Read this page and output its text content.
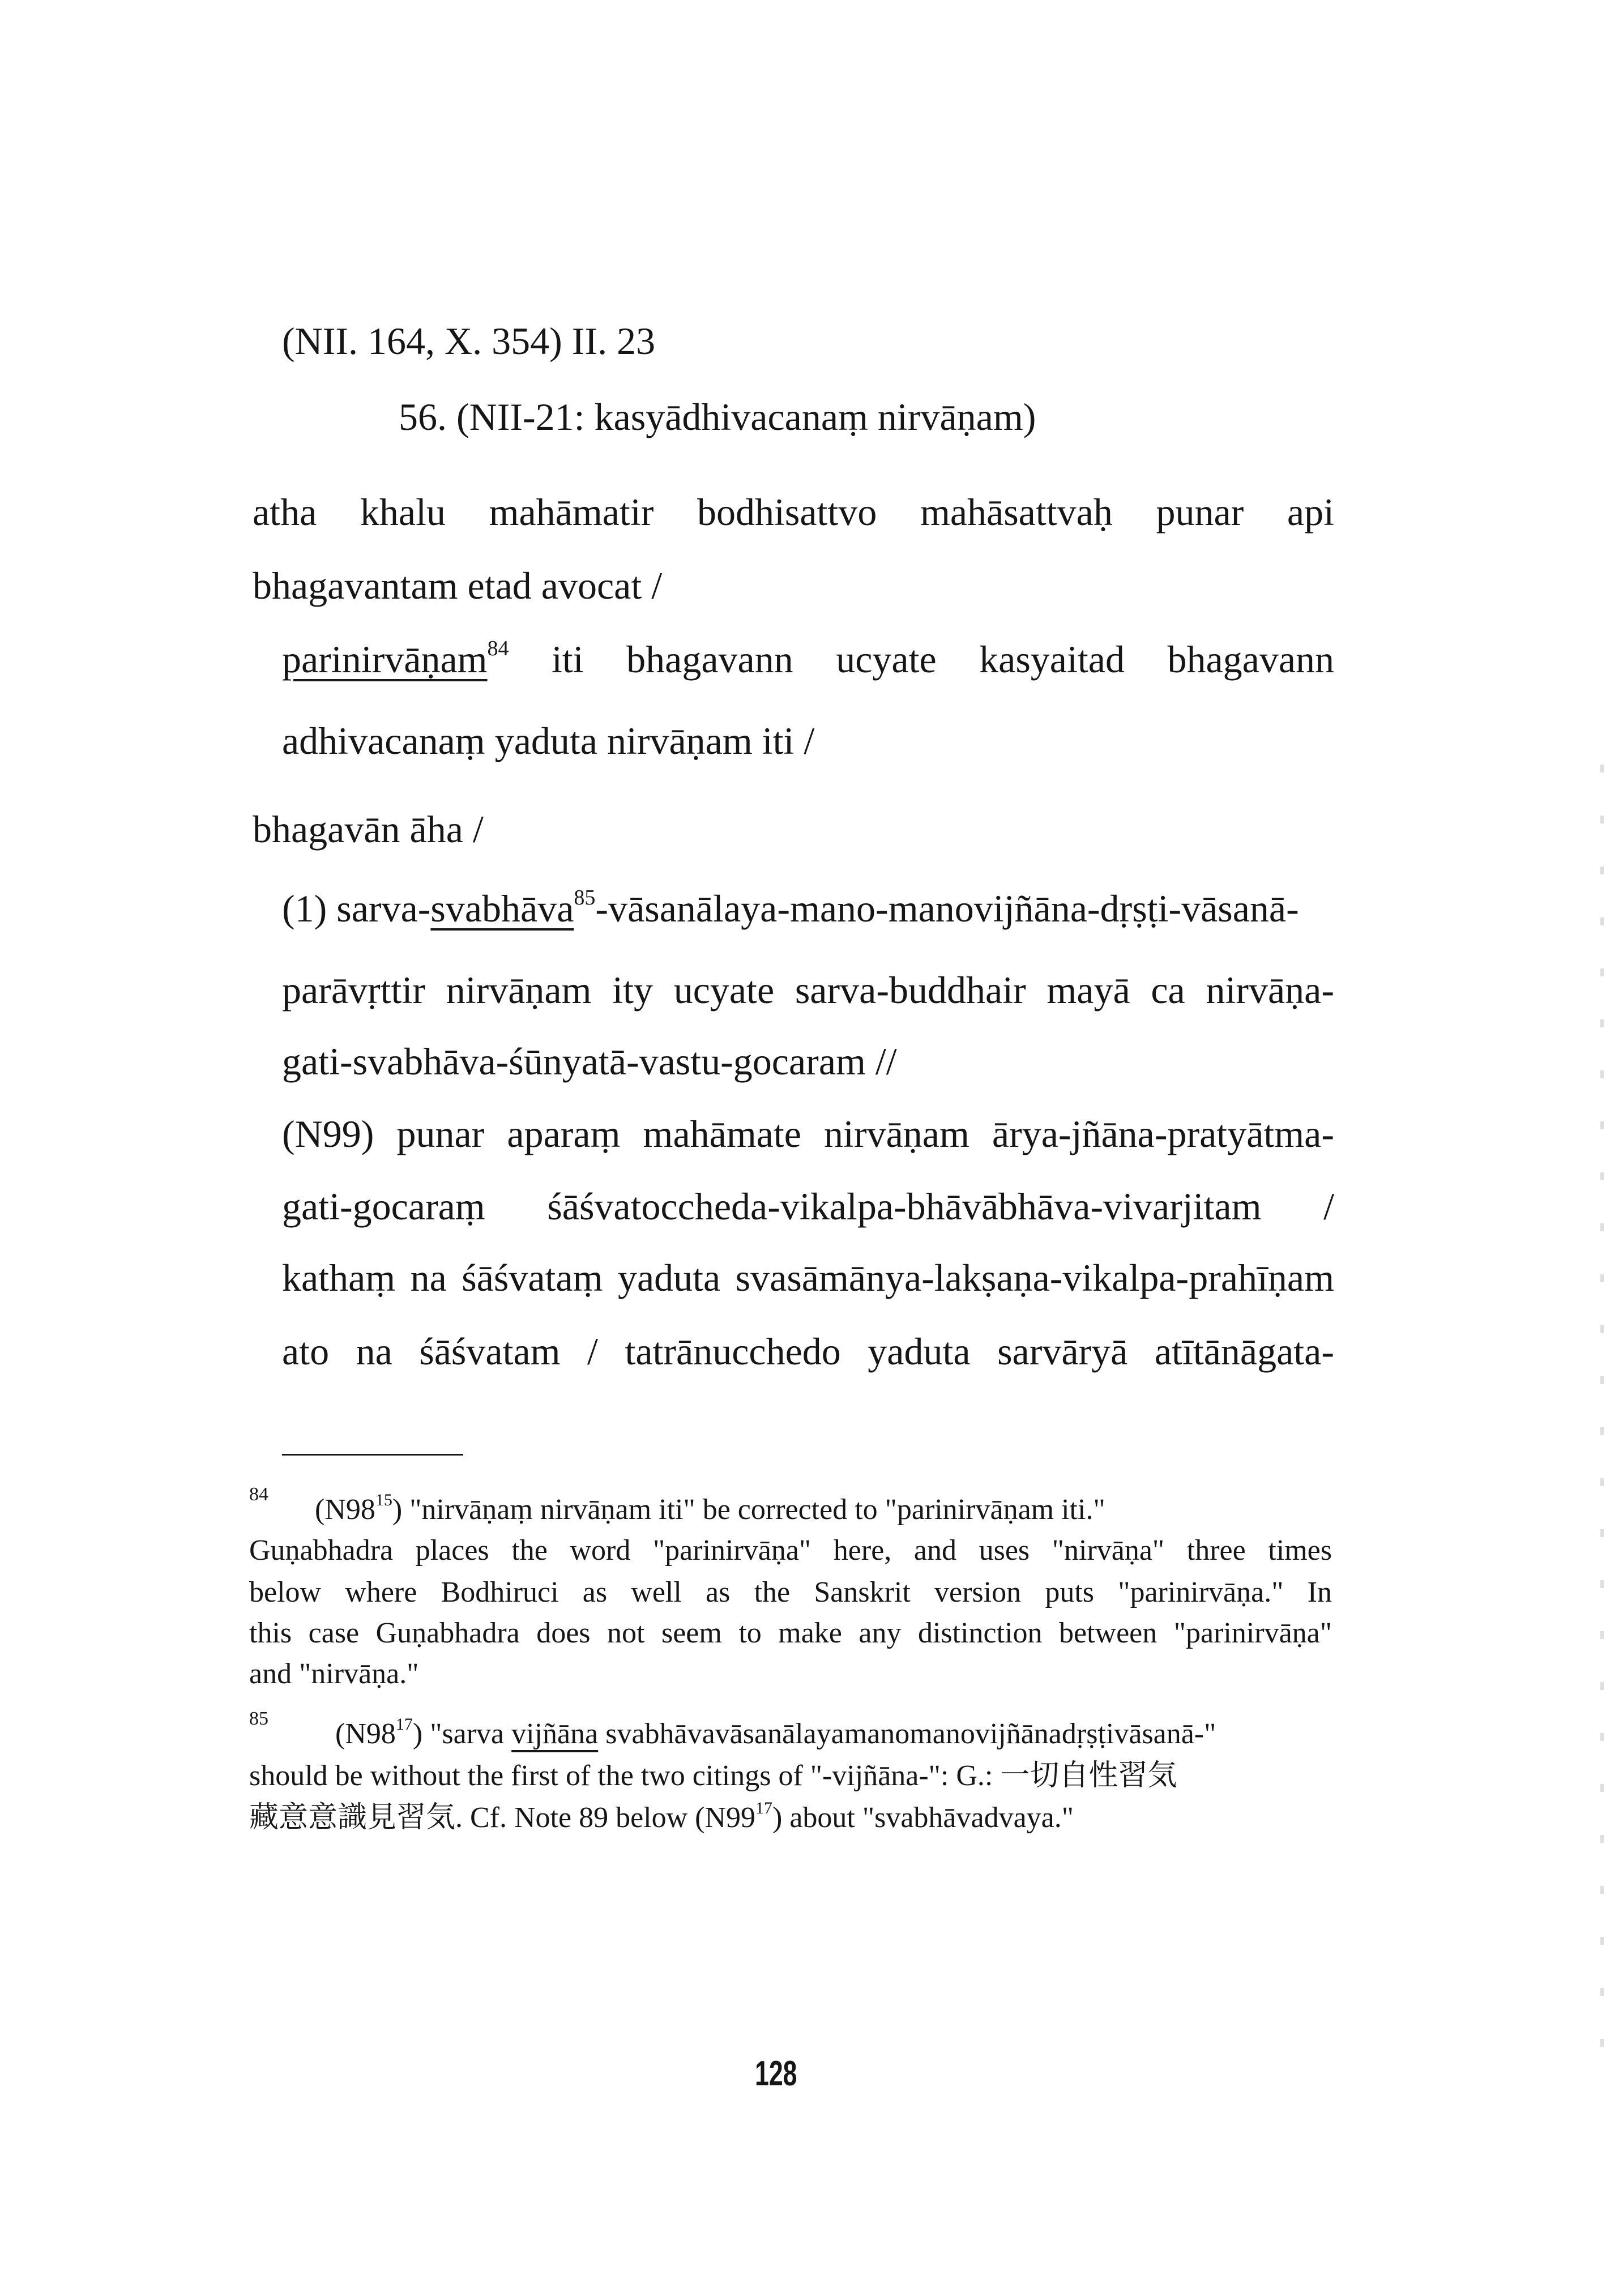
(NII. 164, X. 354) II. 23
56. (NII-21: kasyādhivacanaṃ nirvāṇam)
atha khalu mahāmatir bodhisattvo mahāsattvaḥ punar api
bhagavantam etad avocat /
parinirvāṇam$^{84}$ iti bhagavann ucyate kasyaitad bhagavann
adhivacanaṃ yaduta nirvāṇam iti /
bhagavān āha /
(1) sarva-svabhāva$^{85}$-vāsanālaya-mano-manovijñāna-dṛṣṭi-vāsanā-
parāvṛttir nirvāṇam ity ucyate sarva-buddhair mayā ca nirvāṇa-
gati-svabhāva-śūnyatā-vastu-gocaram //
(N99) punar aparaṃ mahāmate nirvāṇam ārya-jñāna-pratyātma-
gati-gocaraṃ śāśvatoccheda-vikalpa-bhāvābhāva-vivarjitam /
kathaṃ na śāśvataṃ yaduta svasāmānya-lakṣaṇa-vikalpa-prahīṇam
ato na śāśvatam / tatrānucchedo yaduta sarvāryā atītānāgata-
84 (N98$^{15}$) "nirvāṇaṃ nirvāṇam iti" be corrected to "parinirvāṇam iti."
Guṇabhadra places the word "parinirvāṇa" here, and uses "nirvāṇa" three times
below where Bodhiruci as well as the Sanskrit version puts "parinirvāṇa." In
this case Guṇabhadra does not seem to make any distinction between "parinirvāṇa"
and "nirvāṇa."
85 (N98$^{17}$) "sarva vijñāna svabhāvavāsanālayamanomanovijñānadṛṣṭivāsanā-"
should be without the first of the two citings of "-vijñāna-": G.: 一切自性習気
藏意意識見習気. Cf. Note 89 below (N99$^{17}$) about "svabhāvadvaya."
128
